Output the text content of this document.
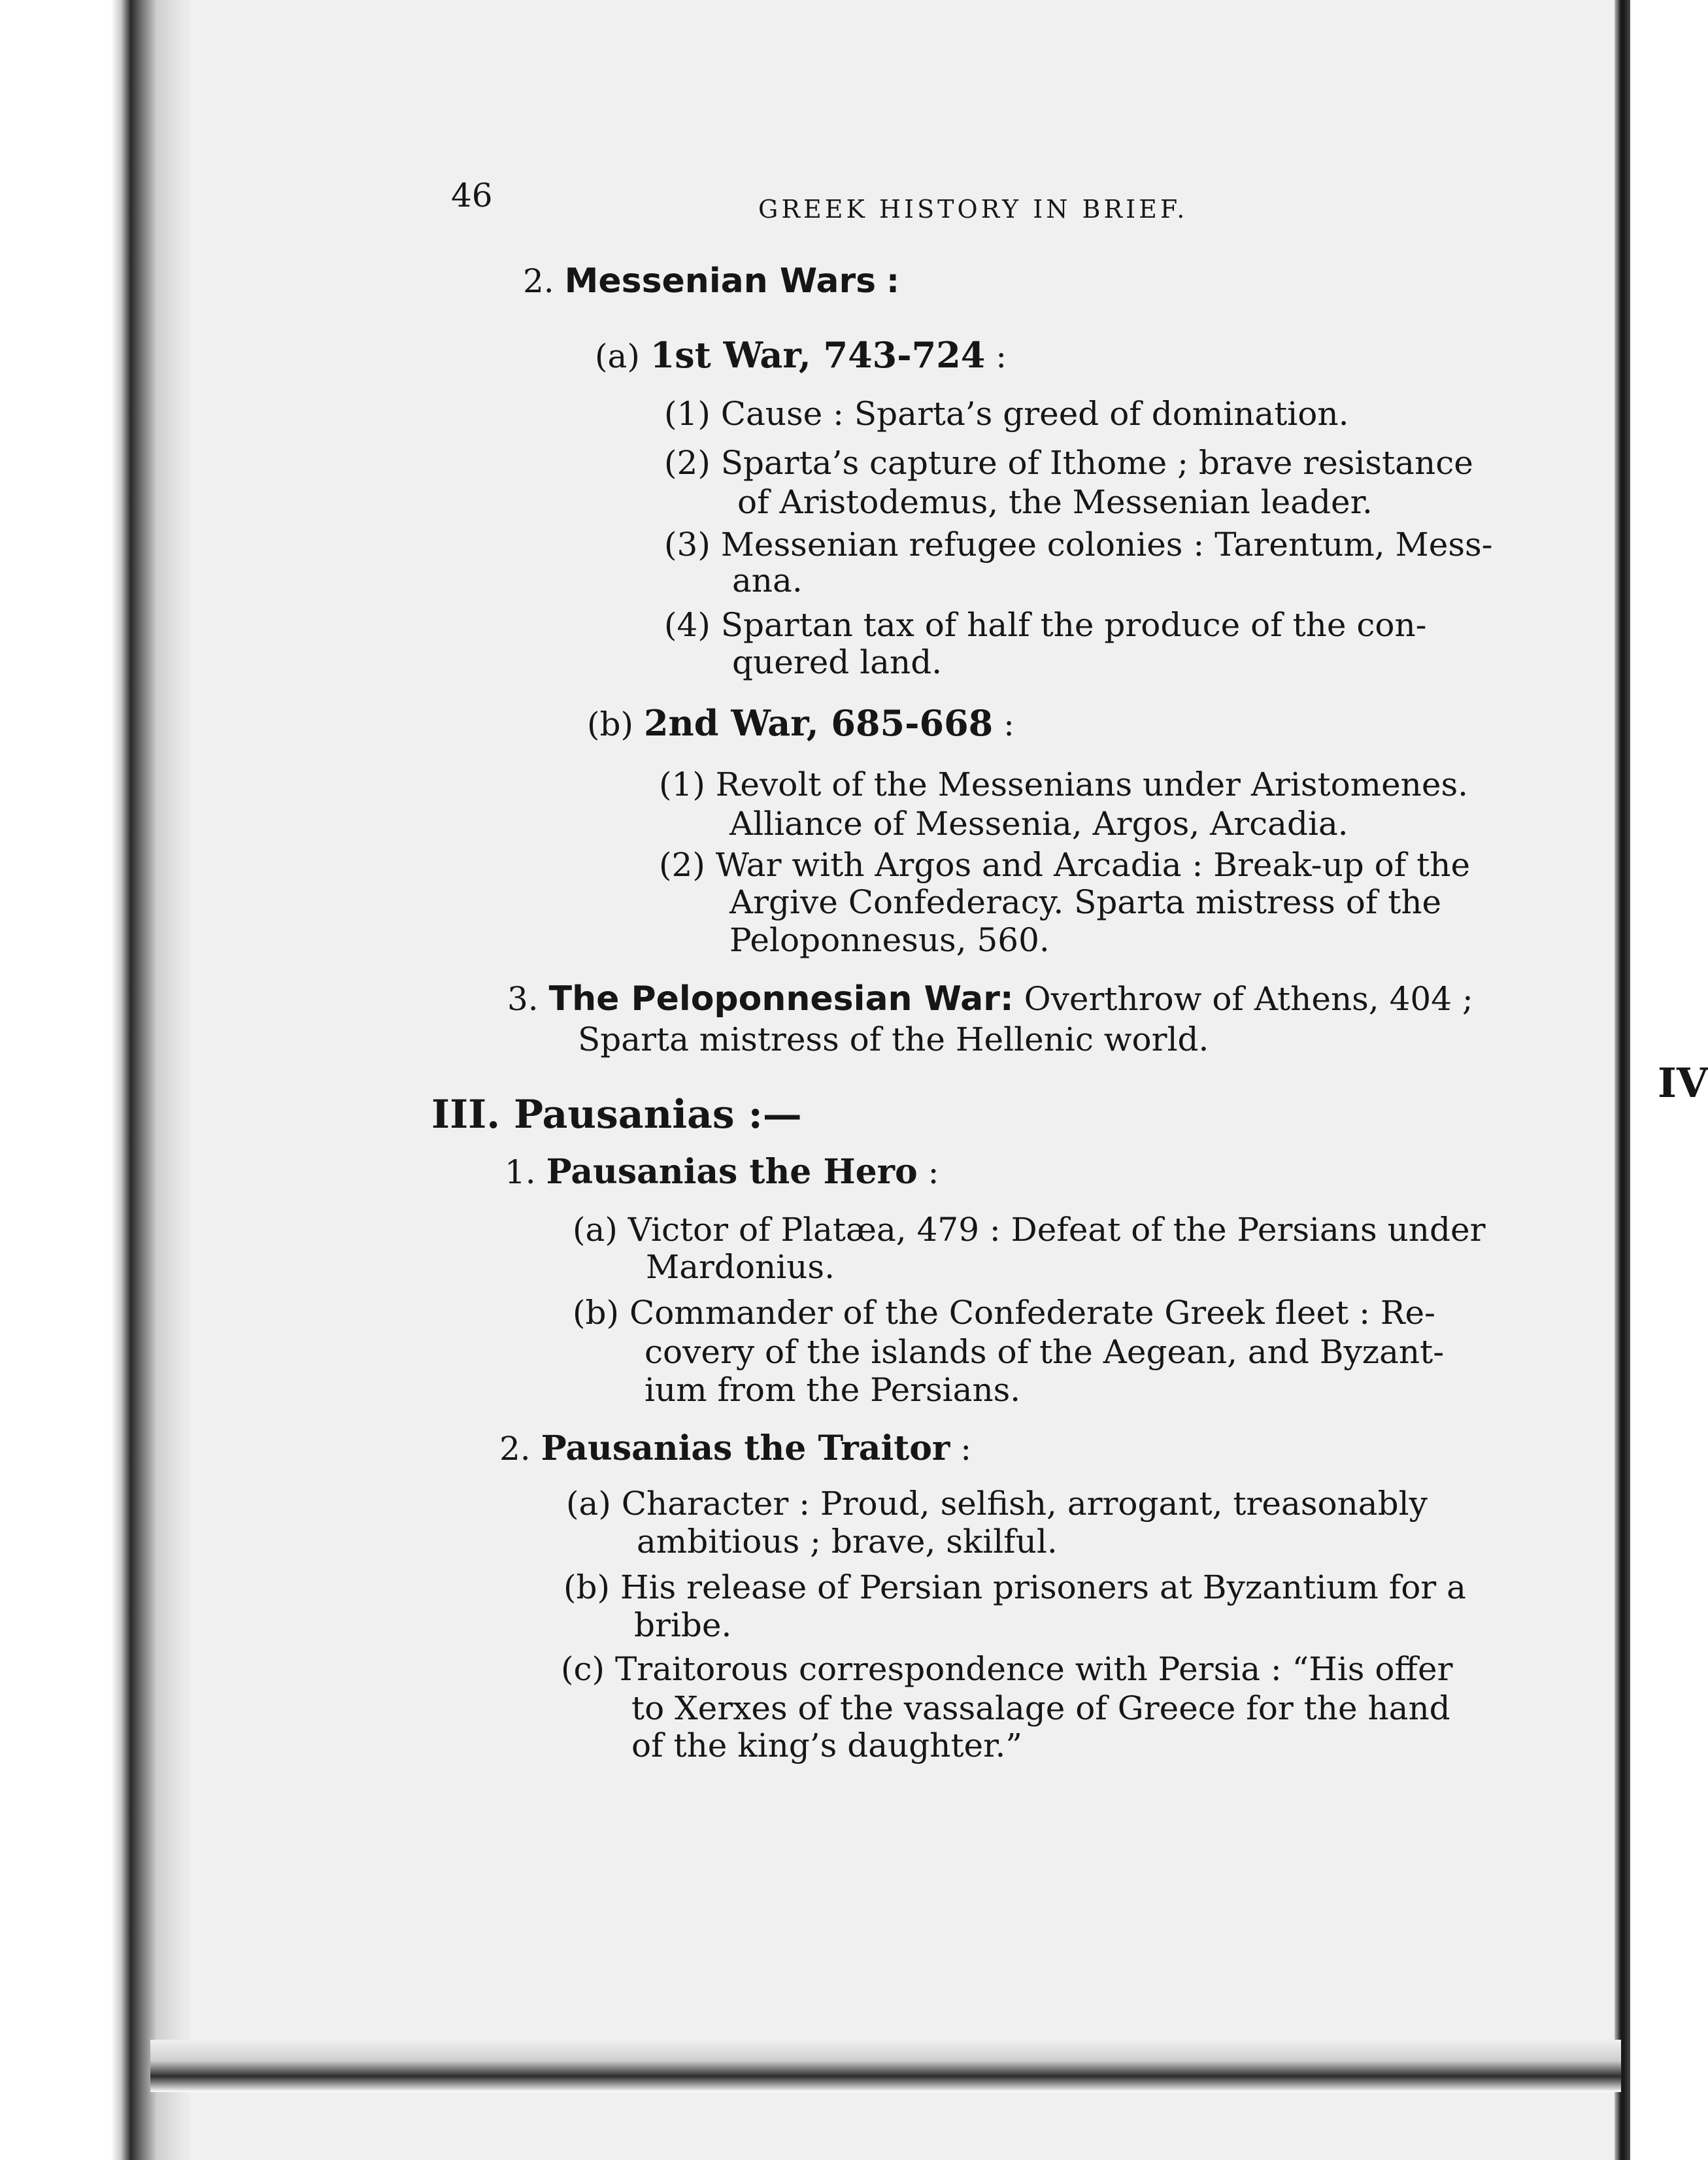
46	GREEK HISTORY IN BRIEF.
2. Messenian Wars :
(a) 1st War, 743-724 :
(1) Cause : Sparta’s greed of domination.
(2) Sparta’s capture of Ithome ; brave resistance
of Aristodemus, the Messenian leader.
(3) Messenian refugee colonies : Tarentum, Mess-
ana.
(4) Spartan tax of half the produce of the con-
quered land.
(b) 2nd War, 685-668 :
(1) Revolt of the Messenians under Aristomenes.
Alliance of Messenia, Argos, Arcadia.
(2) War with Argos and Arcadia : Break-up of the
Argive Confederacy. Sparta mistress of the
Peloponnesus, 560.
3. The Peloponnesian War: Overthrow of Athens, 404 ;
Sparta mistress of the Hellenic world.
III. Pausanias :—
1. Pausanias the Hero :
(a) Victor of Platæa, 479 : Defeat of the Persians under
Mardonius.
(b) Commander of the Confederate Greek fleet : Re-
covery of the islands of the Aegean, and Byzant-
ium from the Persians.
2. Pausanias the Traitor :
(a) Character : Proud, selfish, arrogant, treasonably
ambitious ; brave, skilful.
(b) His release of Persian prisoners at Byzantium for a
bribe.
(c) Traitorous correspondence with Persia : “His offer
to Xerxes of the vassalage of Greece for the hand
of the king’s daughter.”
IV
